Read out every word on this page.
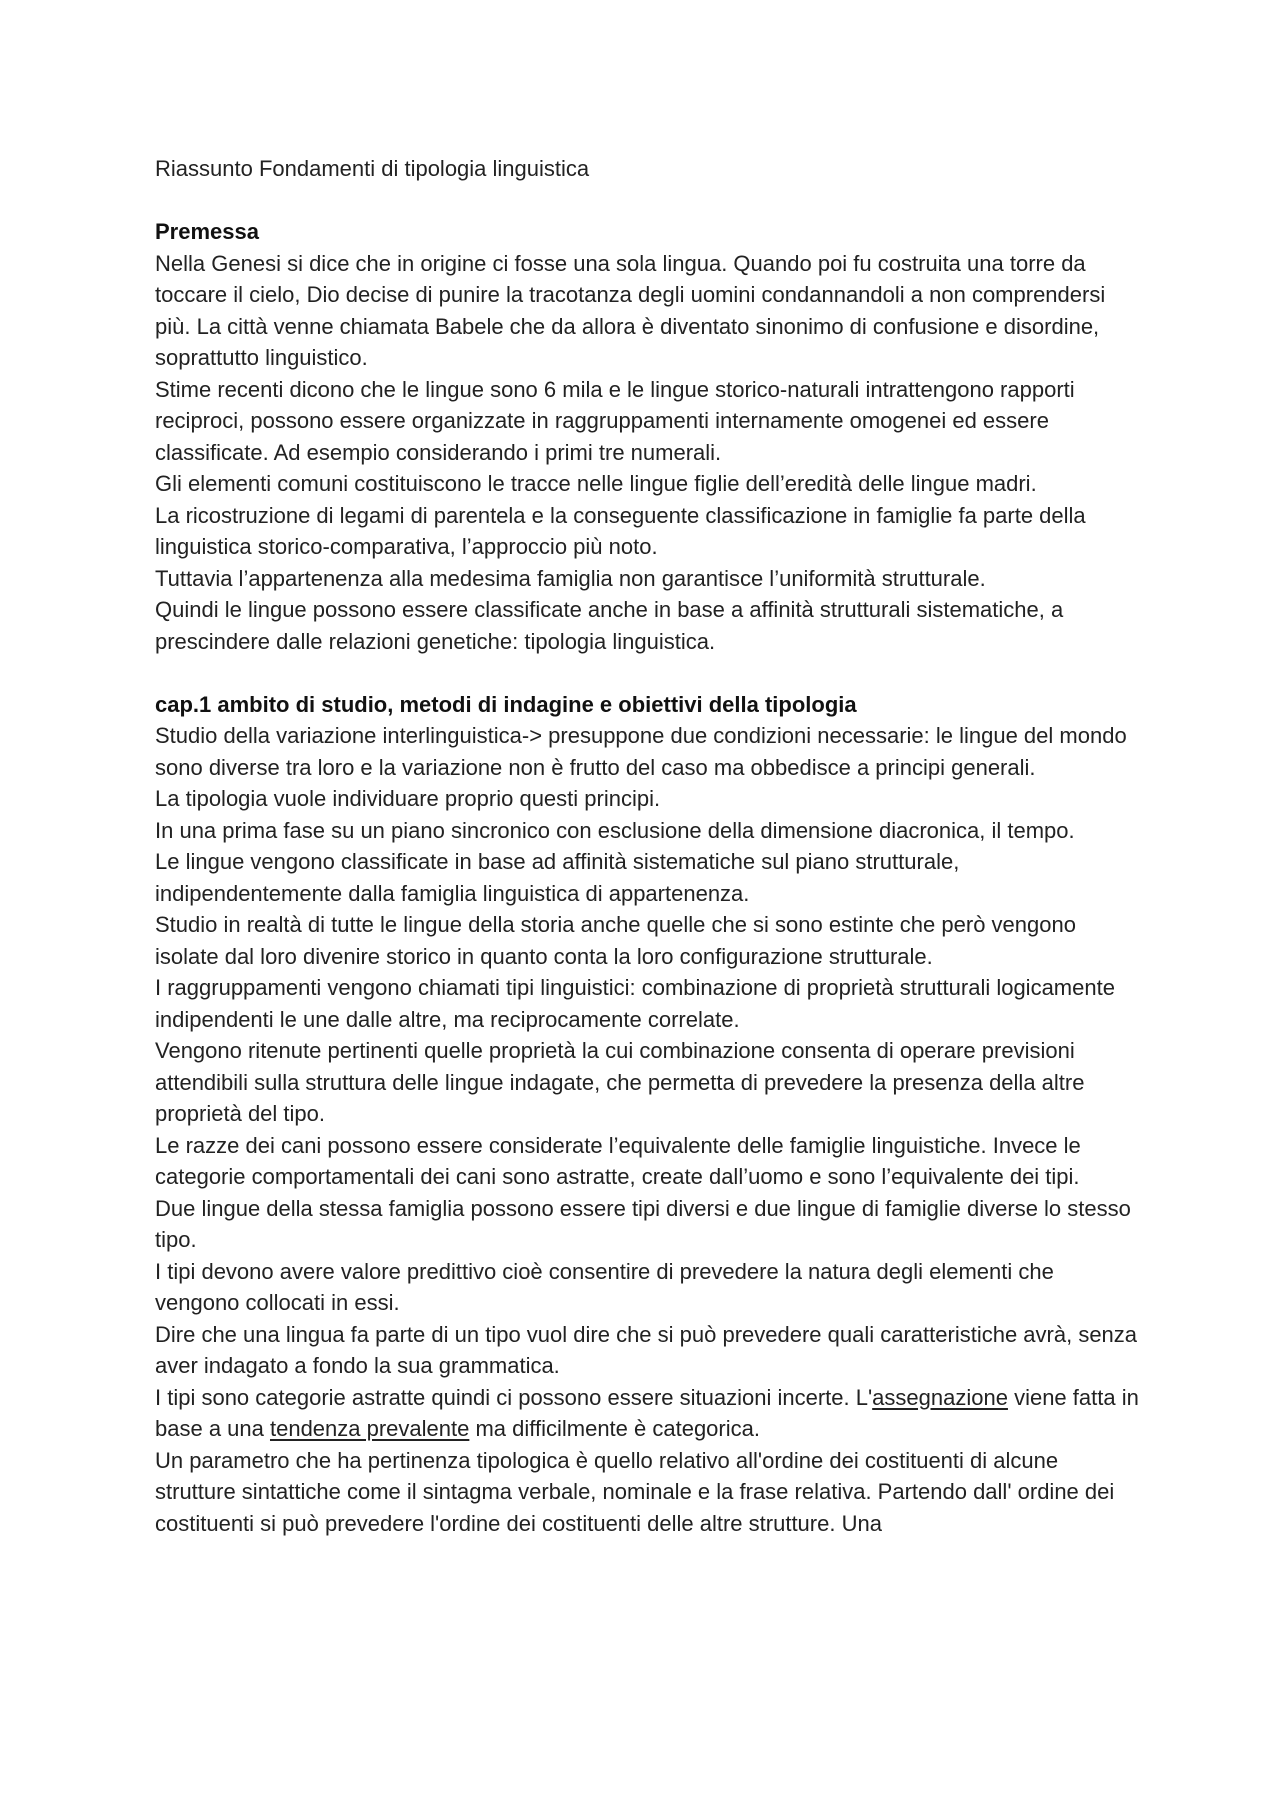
Riassunto Fondamenti di tipologia linguistica

Premessa

Nella Genesi si dice che in origine ci fosse una sola lingua. Quando poi fu costruita una torre da toccare il cielo, Dio decise di punire la tracotanza degli uomini condannandoli a non comprendersi più. La città venne chiamata Babele che da allora è diventato sinonimo di confusione e disordine, soprattutto linguistico.

Stime recenti dicono che le lingue sono 6 mila e le lingue storico-naturali intrattengono rapporti reciproci, possono essere organizzate in raggruppamenti internamente omogenei ed essere classificate. Ad esempio considerando i primi tre numerali.

Gli elementi comuni costituiscono le tracce nelle lingue figlie dell’eredità delle lingue madri.

La ricostruzione di legami di parentela e la conseguente classificazione in famiglie fa parte della linguistica storico-comparativa, l’approccio più noto.

Tuttavia l’appartenenza alla medesima famiglia non garantisce l’uniformità strutturale.

Quindi le lingue possono essere classificate anche in base a affinità strutturali sistematiche, a prescindere dalle relazioni genetiche: tipologia linguistica.

cap.1 ambito di studio, metodi di indagine e obiettivi della tipologia

Studio della variazione interlinguistica-> presuppone due condizioni necessarie: le lingue del mondo sono diverse tra loro e la variazione non è frutto del caso ma obbedisce a principi generali.

La tipologia vuole individuare proprio questi principi.

In una prima fase su un piano sincronico con esclusione della dimensione diacronica, il tempo.

Le lingue vengono classificate in base ad affinità sistematiche sul piano strutturale, indipendentemente dalla famiglia linguistica di appartenenza.

Studio in realtà di tutte le lingue della storia anche quelle che si sono estinte che però vengono isolate dal loro divenire storico in quanto conta la loro configurazione strutturale.

I raggruppamenti vengono chiamati tipi linguistici: combinazione di proprietà strutturali logicamente indipendenti le une dalle altre, ma reciprocamente correlate.

Vengono ritenute pertinenti quelle proprietà la cui combinazione consenta di operare previsioni attendibili sulla struttura delle lingue indagate, che permetta di prevedere la presenza della altre proprietà del tipo.

Le razze dei cani possono essere considerate l’equivalente delle famiglie linguistiche. Invece le categorie comportamentali dei cani sono astratte, create dall’uomo e sono l’equivalente dei tipi.

Due lingue della stessa famiglia possono essere tipi diversi e due lingue di famiglie diverse lo stesso tipo.

I tipi devono avere valore predittivo cioè consentire di prevedere la natura degli elementi che vengono collocati in essi.

Dire che una lingua fa parte di un tipo vuol dire che si può prevedere quali caratteristiche avrà, senza aver indagato a fondo la sua grammatica.

I tipi sono categorie astratte quindi ci possono essere situazioni incerte. L'assegnazione viene fatta in base a una tendenza prevalente ma difficilmente è categorica.

Un parametro che ha pertinenza tipologica è quello relativo all'ordine dei costituenti di alcune strutture sintattiche come il sintagma verbale, nominale e la frase relativa. Partendo dall' ordine dei costituenti si può prevedere l'ordine dei costituenti delle altre strutture. Una
